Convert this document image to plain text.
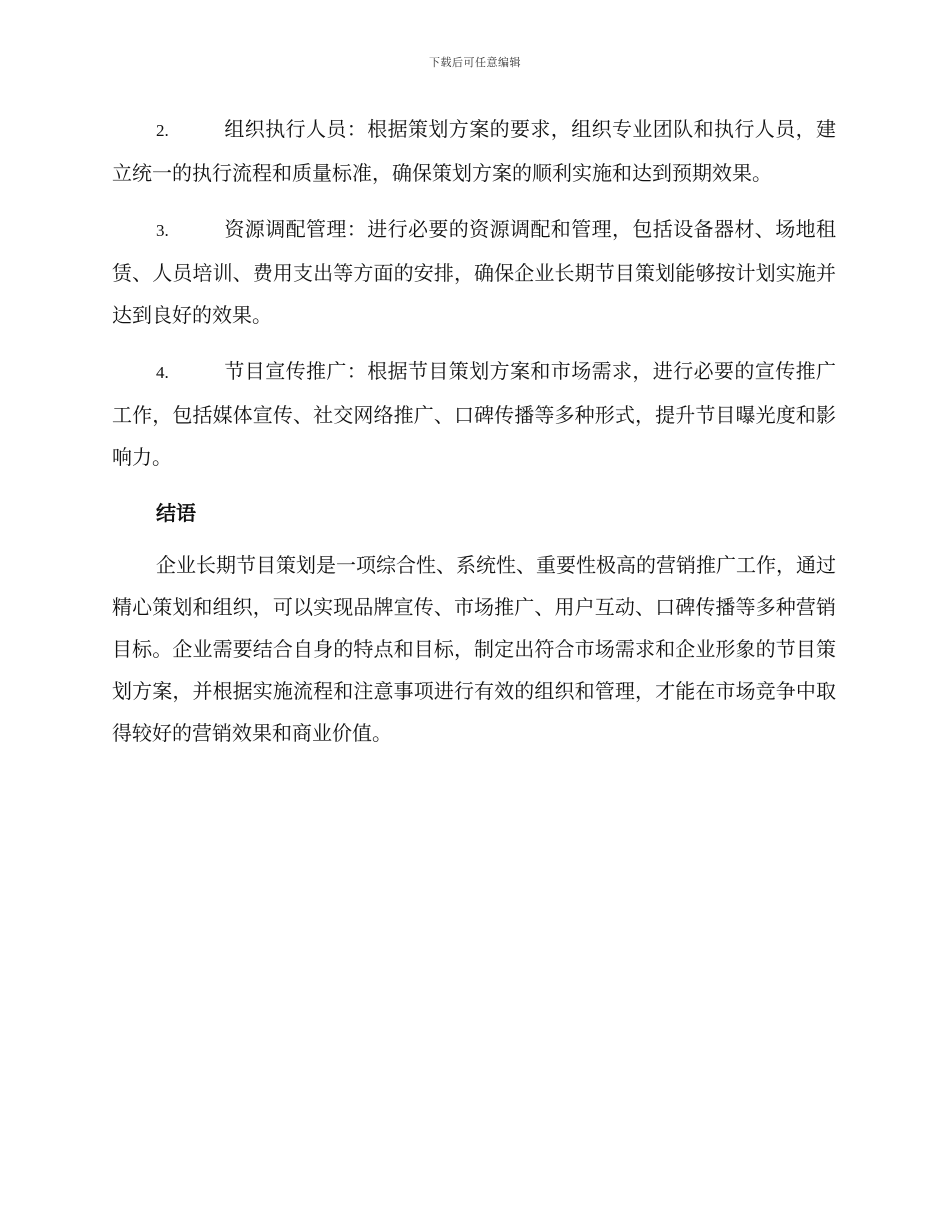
下载后可任意编辑

2.	组织执行人员：根据策划方案的要求，组织专业团队和执行人员，建立统一的执行流程和质量标准，确保策划方案的顺利实施和达到预期效果。

3.	资源调配管理：进行必要的资源调配和管理，包括设备器材、场地租赁、人员培训、费用支出等方面的安排，确保企业长期节目策划能够按计划实施并达到良好的效果。

4.	节目宣传推广：根据节目策划方案和市场需求，进行必要的宣传推广工作，包括媒体宣传、社交网络推广、口碑传播等多种形式，提升节目曝光度和影响力。

结语

企业长期节目策划是一项综合性、系统性、重要性极高的营销推广工作，通过精心策划和组织，可以实现品牌宣传、市场推广、用户互动、口碑传播等多种营销目标。企业需要结合自身的特点和目标，制定出符合市场需求和企业形象的节目策划方案，并根据实施流程和注意事项进行有效的组织和管理，才能在市场竞争中取得较好的营销效果和商业价值。
